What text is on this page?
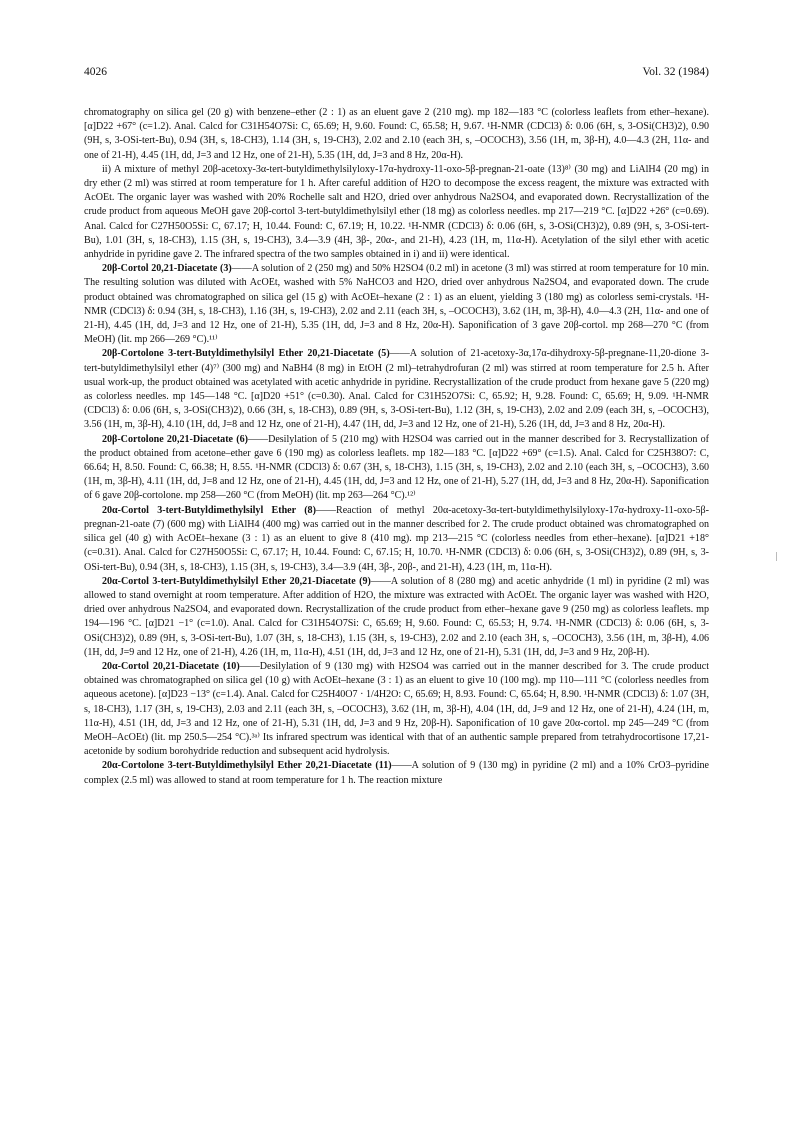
4026	Vol. 32 (1984)

chromatography on silica gel (20 g) with benzene–ether (2 : 1) as an eluent gave 2 (210 mg). mp 182—183 °C (colorless leaflets from ether–hexane). [α]D22 +67° (c=1.2). Anal. Calcd for C31H54O7Si: C, 65.69; H, 9.60. Found: C, 65.58; H, 9.67. ¹H-NMR (CDCl3) δ: 0.06 (6H, s, 3-OSi(CH3)2), 0.90 (9H, s, 3-OSi-tert-Bu), 0.94 (3H, s, 18-CH3), 1.14 (3H, s, 19-CH3), 2.02 and 2.10 (each 3H, s, –OCOCH3), 3.56 (1H, m, 3β-H), 4.0—4.3 (2H, 11α- and one of 21-H), 4.45 (1H, dd, J=3 and 12 Hz, one of 21-H), 5.35 (1H, dd, J=3 and 8 Hz, 20α-H).

ii) A mixture of methyl 20β-acetoxy-3α-tert-butyldimethylsilyloxy-17α-hydroxy-11-oxo-5β-pregnan-21-oate (13)⁸⁾ (30 mg) and LiAlH4 (20 mg) in dry ether (2 ml) was stirred at room temperature for 1 h. After careful addition of H2O to decompose the excess reagent, the mixture was extracted with AcOEt. The organic layer was washed with 20% Rochelle salt and H2O, dried over anhydrous Na2SO4, and evaporated down. Recrystallization of the crude product from aqueous MeOH gave 20β-cortol 3-tert-butyldimethylsilyl ether (18 mg) as colorless needles. mp 217—219 °C. [α]D22 +26° (c=0.69). Anal. Calcd for C27H50O5Si: C, 67.17; H, 10.44. Found: C, 67.19; H, 10.22. ¹H-NMR (CDCl3) δ: 0.06 (6H, s, 3-OSi(CH3)2), 0.89 (9H, s, 3-OSi-tert-Bu), 1.01 (3H, s, 18-CH3), 1.15 (3H, s, 19-CH3), 3.4—3.9 (4H, 3β-, 20α-, and 21-H), 4.23 (1H, m, 11α-H). Acetylation of the silyl ether with acetic anhydride in pyridine gave 2. The infrared spectra of the two samples obtained in i) and ii) were identical.

20β-Cortol 20,21-Diacetate (3)——A solution of 2 (250 mg) and 50% H2SO4 (0.2 ml) in acetone (3 ml) was stirred at room temperature for 10 min. The resulting solution was diluted with AcOEt, washed with 5% NaHCO3 and H2O, dried over anhydrous Na2SO4, and evaporated down. The crude product obtained was chromatographed on silica gel (15 g) with AcOEt–hexane (2 : 1) as an eluent, yielding 3 (180 mg) as colorless semi-crystals. ¹H-NMR (CDCl3) δ: 0.94 (3H, s, 18-CH3), 1.16 (3H, s, 19-CH3), 2.02 and 2.11 (each 3H, s, –OCOCH3), 3.62 (1H, m, 3β-H), 4.0—4.3 (2H, 11α- and one of 21-H), 4.45 (1H, dd, J=3 and 12 Hz, one of 21-H), 5.35 (1H, dd, J=3 and 8 Hz, 20α-H). Saponification of 3 gave 20β-cortol. mp 268—270 °C (from MeOH) (lit. mp 266—269 °C).¹¹⁾

20β-Cortolone 3-tert-Butyldimethylsilyl Ether 20,21-Diacetate (5)——A solution of 21-acetoxy-3α,17α-dihydroxy-5β-pregnane-11,20-dione 3-tert-butyldimethylsilyl ether (4)⁷⁾ (300 mg) and NaBH4 (8 mg) in EtOH (2 ml)–tetrahydrofuran (2 ml) was stirred at room temperature for 2.5 h. After usual work-up, the product obtained was acetylated with acetic anhydride in pyridine. Recrystallization of the crude product from hexane gave 5 (220 mg) as colorless needles. mp 145—148 °C. [α]D20 +51° (c=0.30). Anal. Calcd for C31H52O7Si: C, 65.92; H, 9.28. Found: C, 65.69; H, 9.09. ¹H-NMR (CDCl3) δ: 0.06 (6H, s, 3-OSi(CH3)2), 0.66 (3H, s, 18-CH3), 0.89 (9H, s, 3-OSi-tert-Bu), 1.12 (3H, s, 19-CH3), 2.02 and 2.09 (each 3H, s, –OCOCH3), 3.56 (1H, m, 3β-H), 4.10 (1H, dd, J=8 and 12 Hz, one of 21-H), 4.47 (1H, dd, J=3 and 12 Hz, one of 21-H), 5.26 (1H, dd, J=3 and 8 Hz, 20α-H).

20β-Cortolone 20,21-Diacetate (6)——Desilylation of 5 (210 mg) with H2SO4 was carried out in the manner described for 3. Recrystallization of the product obtained from acetone–ether gave 6 (190 mg) as colorless leaflets. mp 182—183 °C. [α]D22 +69° (c=1.5). Anal. Calcd for C25H38O7: C, 66.64; H, 8.50. Found: C, 66.38; H, 8.55. ¹H-NMR (CDCl3) δ: 0.67 (3H, s, 18-CH3), 1.15 (3H, s, 19-CH3), 2.02 and 2.10 (each 3H, s, –OCOCH3), 3.60 (1H, m, 3β-H), 4.11 (1H, dd, J=8 and 12 Hz, one of 21-H), 4.45 (1H, dd, J=3 and 12 Hz, one of 21-H), 5.27 (1H, dd, J=3 and 8 Hz, 20α-H). Saponification of 6 gave 20β-cortolone. mp 258—260 °C (from MeOH) (lit. mp 263—264 °C).¹²⁾

20α-Cortol 3-tert-Butyldimethylsilyl Ether (8)——Reaction of methyl 20α-acetoxy-3α-tert-butyldimethylsilyloxy-17α-hydroxy-11-oxo-5β-pregnan-21-oate (7) (600 mg) with LiAlH4 (400 mg) was carried out in the manner described for 2. The crude product obtained was chromatographed on silica gel (40 g) with AcOEt–hexane (3 : 1) as an eluent to give 8 (410 mg). mp 213—215 °C (colorless needles from ether–hexane). [α]D21 +18° (c=0.31). Anal. Calcd for C27H50O5Si: C, 67.17; H, 10.44. Found: C, 67.15; H, 10.70. ¹H-NMR (CDCl3) δ: 0.06 (6H, s, 3-OSi(CH3)2), 0.89 (9H, s, 3-OSi-tert-Bu), 0.94 (3H, s, 18-CH3), 1.15 (3H, s, 19-CH3), 3.4—3.9 (4H, 3β-, 20β-, and 21-H), 4.23 (1H, m, 11α-H).

20α-Cortol 3-tert-Butyldimethylsilyl Ether 20,21-Diacetate (9)——A solution of 8 (280 mg) and acetic anhydride (1 ml) in pyridine (2 ml) was allowed to stand overnight at room temperature. After addition of H2O, the mixture was extracted with AcOEt. The organic layer was washed with H2O, dried over anhydrous Na2SO4, and evaporated down. Recrystallization of the crude product from ether–hexane gave 9 (250 mg) as colorless leaflets. mp 194—196 °C. [α]D21 −1° (c=1.0). Anal. Calcd for C31H54O7Si: C, 65.69; H, 9.60. Found: C, 65.53; H, 9.74. ¹H-NMR (CDCl3) δ: 0.06 (6H, s, 3-OSi(CH3)2), 0.89 (9H, s, 3-OSi-tert-Bu), 1.07 (3H, s, 18-CH3), 1.15 (3H, s, 19-CH3), 2.02 and 2.10 (each 3H, s, –OCOCH3), 3.56 (1H, m, 3β-H), 4.06 (1H, dd, J=9 and 12 Hz, one of 21-H), 4.26 (1H, m, 11α-H), 4.51 (1H, dd, J=3 and 12 Hz, one of 21-H), 5.31 (1H, dd, J=3 and 9 Hz, 20β-H).

20α-Cortol 20,21-Diacetate (10)——Desilylation of 9 (130 mg) with H2SO4 was carried out in the manner described for 3. The crude product obtained was chromatographed on silica gel (10 g) with AcOEt–hexane (3 : 1) as an eluent to give 10 (100 mg). mp 110—111 °C (colorless needles from aqueous acetone). [α]D23 −13° (c=1.4). Anal. Calcd for C25H40O7 · 1/4H2O: C, 65.69; H, 8.93. Found: C, 65.64; H, 8.90. ¹H-NMR (CDCl3) δ: 1.07 (3H, s, 18-CH3), 1.17 (3H, s, 19-CH3), 2.03 and 2.11 (each 3H, s, –OCOCH3), 3.62 (1H, m, 3β-H), 4.04 (1H, dd, J=9 and 12 Hz, one of 21-H), 4.24 (1H, m, 11α-H), 4.51 (1H, dd, J=3 and 12 Hz, one of 21-H), 5.31 (1H, dd, J=3 and 9 Hz, 20β-H). Saponification of 10 gave 20α-cortol. mp 245—249 °C (from MeOH–AcOEt) (lit. mp 250.5—254 °C).³ᵃ⁾ Its infrared spectrum was identical with that of an authentic sample prepared from tetrahydrocortisone 17,21-acetonide by sodium borohydride reduction and subsequent acid hydrolysis.

20α-Cortolone 3-tert-Butyldimethylsilyl Ether 20,21-Diacetate (11)——A solution of 9 (130 mg) in pyridine (2 ml) and a 10% CrO3–pyridine complex (2.5 ml) was allowed to stand at room temperature for 1 h. The reaction mixture
